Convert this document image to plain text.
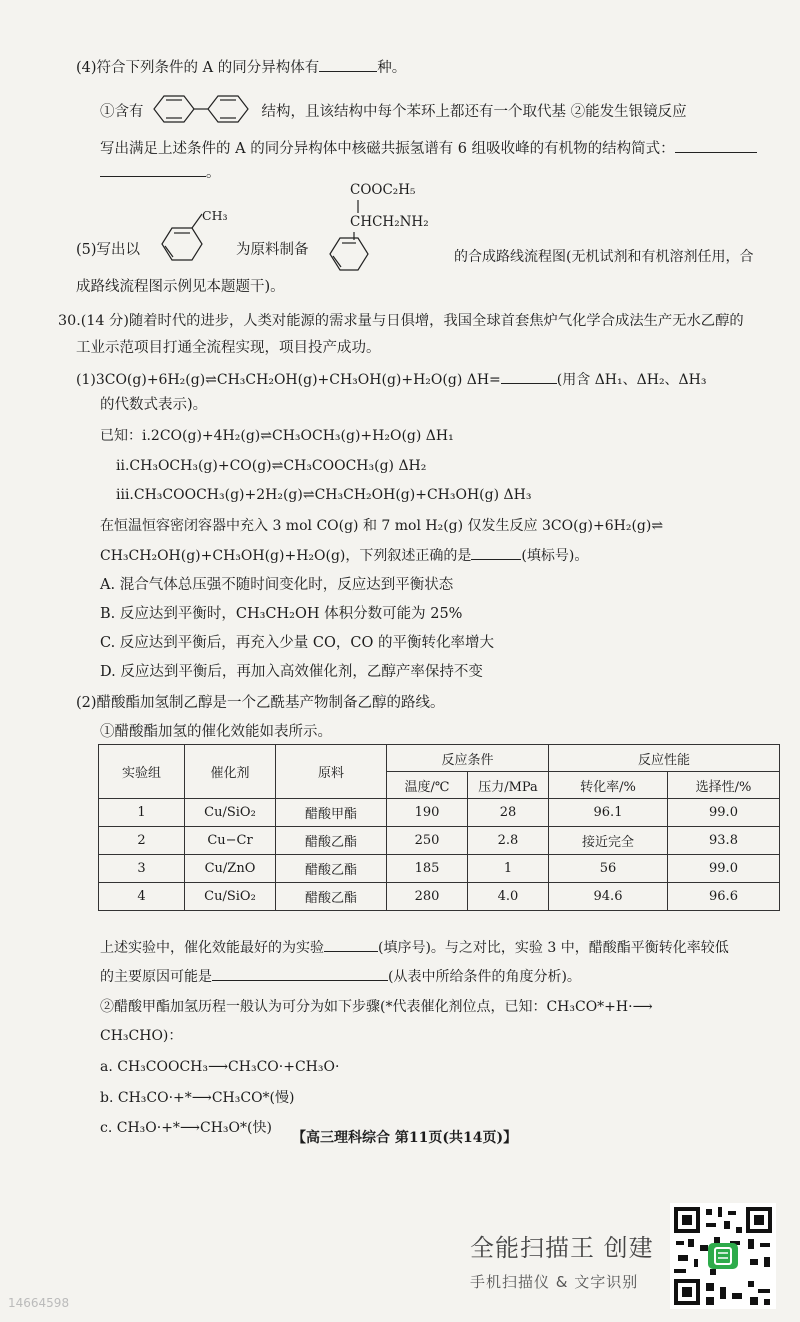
(4)符合下列条件的 A 的同分异构体有	种。
①含有	结构，且该结构中每个苯环上都还有一个取代基 ②能发生银镜反应
写出满足上述条件的 A 的同分异构体中核磁共振氢谱有 6 组吸收峰的有机物的结构简式：
。
CH₃
COOC₂H₅
CHCH₂NH₂
(5)写出以	为原料制备	的合成路线流程图(无机试剂和有机溶剂任用，合
成路线流程图示例见本题题干)。
30.(14 分)随着时代的进步，人类对能源的需求量与日俱增，我国全球首套焦炉气化学合成法生产无水乙醇的
工业示范项目打通全流程实现，项目投产成功。
(1)3CO(g)+6H₂(g)⇌CH₃CH₂OH(g)+CH₃OH(g)+H₂O(g) ΔH=	(用含 ΔH₁、ΔH₂、ΔH₃
的代数式表示)。
已知：ⅰ.2CO(g)+4H₂(g)⇌CH₃OCH₃(g)+H₂O(g) ΔH₁
ⅱ.CH₃OCH₃(g)+CO(g)⇌CH₃COOCH₃(g) ΔH₂
ⅲ.CH₃COOCH₃(g)+2H₂(g)⇌CH₃CH₂OH(g)+CH₃OH(g) ΔH₃
在恒温恒容密闭容器中充入 3 mol CO(g) 和 7 mol H₂(g) 仅发生反应 3CO(g)+6H₂(g)⇌
CH₃CH₂OH(g)+CH₃OH(g)+H₂O(g)，下列叙述正确的是	(填标号)。
A. 混合气体总压强不随时间变化时，反应达到平衡状态
B. 反应达到平衡时，CH₃CH₂OH 体积分数可能为 25%
C. 反应达到平衡后，再充入少量 CO，CO 的平衡转化率增大
D. 反应达到平衡后，再加入高效催化剂，乙醇产率保持不变
(2)醋酸酯加氢制乙醇是一个乙酰基产物制备乙醇的路线。
①醋酸酯加氢的催化效能如表所示。
实验组	催化剂	原料	反应条件		反应性能	
			温度/℃	压力/MPa	转化率/%	选择性/%
1	Cu/SiO₂	醋酸甲酯	190	28	96.1	99.0
2	Cu−Cr	醋酸乙酯	250	2.8	接近完全	93.8
3	Cu/ZnO	醋酸乙酯	185	1	56	99.0
4	Cu/SiO₂	醋酸乙酯	280	4.0	94.6	96.6
上述实验中，催化效能最好的为实验	(填序号)。与之对比，实验 3 中，醋酸酯平衡转化率较低
的主要原因可能是	(从表中所给条件的角度分析)。
②醋酸甲酯加氢历程一般认为可分为如下步骤(*代表催化剂位点，已知：CH₃CO*+H·⟶
CH₃CHO)：
a. CH₃COOCH₃⟶CH₃CO·+CH₃O·
b. CH₃CO·+*⟶CH₃CO*(慢)
c. CH₃O·+*⟶CH₃O*(快)
【高三理科综合 第11页(共14页)】
全能扫描王 创建
手机扫描仪 & 文字识别
14664598
